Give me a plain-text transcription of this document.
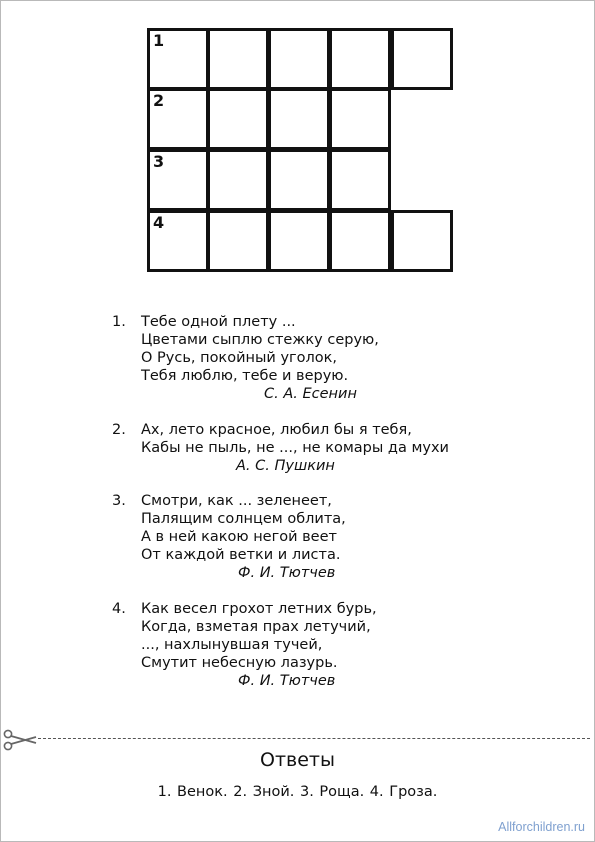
1
2
3
4
1.	Тебе одной плету ...
Цветами сыплю стежку серую,
О Русь, покойный уголок,
Тебя люблю, тебе и верую.
С. А. Есенин
2.	Ах, лето красное, любил бы я тебя,
Кабы не пыль, не ..., не комары да мухи
А. С. Пушкин
3.	Смотри, как ... зеленеет,
Палящим солнцем облита,
А в ней какою негой веет
От каждой ветки и листа.
Ф. И. Тютчев
4.	Как весел грохот летних бурь,
Когда, взметая прах летучий,
..., нахлынувшая тучей,
Смутит небесную лазурь.
Ф. И. Тютчев
Ответы
1. Венок. 2. Зной. 3. Роща. 4. Гроза.
Allforchildren.ru
